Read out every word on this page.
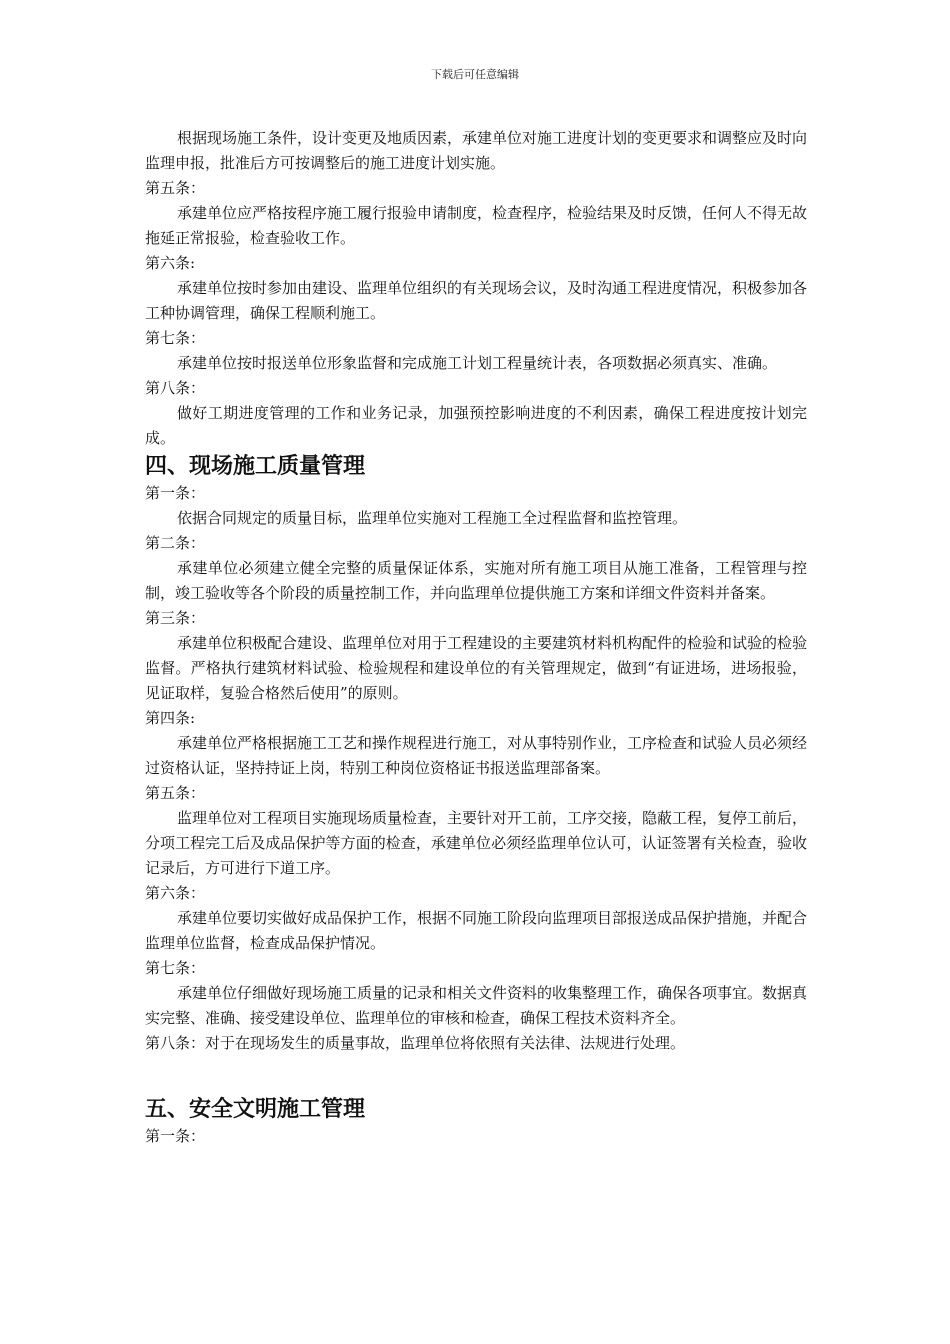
下载后可任意编辑

根据现场施工条件，设计变更及地质因素，承建单位对施工进度计划的变更要求和调整应及时向监理申报，批准后方可按调整后的施工进度计划实施。

第五条：

承建单位应严格按程序施工履行报验申请制度，检查程序，检验结果及时反馈，任何人不得无故拖延正常报验，检查验收工作。

第六条:

承建单位按时参加由建设、监理单位组织的有关现场会议，及时沟通工程进度情况，积极参加各工种协调管理，确保工程顺利施工。

第七条：

承建单位按时报送单位形象监督和完成施工计划工程量统计表，各项数据必须真实、准确。

第八条：

做好工期进度管理的工作和业务记录，加强预控影响进度的不利因素，确保工程进度按计划完成。

四、现场施工质量管理

第一条：

依据合同规定的质量目标，监理单位实施对工程施工全过程监督和监控管理。

第二条：

承建单位必须建立健全完整的质量保证体系，实施对所有施工项目从施工准备，工程管理与控制，竣工验收等各个阶段的质量控制工作，并向监理单位提供施工方案和详细文件资料并备案。

第三条：

承建单位积极配合建设、监理单位对用于工程建设的主要建筑材料机构配件的检验和试验的检验监督。严格执行建筑材料试验、检验规程和建设单位的有关管理规定，做到“有证进场，进场报验，见证取样，复验合格然后使用”的原则。

第四条:

承建单位严格根据施工工艺和操作规程进行施工，对从事特别作业，工序检查和试验人员必须经过资格认证，坚持持证上岗，特别工种岗位资格证书报送监理部备案。

第五条：

监理单位对工程项目实施现场质量检查，主要针对开工前，工序交接，隐蔽工程，复停工前后，分项工程完工后及成品保护等方面的检查，承建单位必须经监理单位认可，认证签署有关检查，验收记录后，方可进行下道工序。

第六条：

承建单位要切实做好成品保护工作，根据不同施工阶段向监理项目部报送成品保护措施，并配合监理单位监督，检查成品保护情况。

第七条：

承建单位仔细做好现场施工质量的记录和相关文件资料的收集整理工作，确保各项事宜。数据真实完整、准确、接受建设单位、监理单位的审核和检查，确保工程技术资料齐全。

第八条：对于在现场发生的质量事故，监理单位将依照有关法律、法规进行处理。

五、安全文明施工管理

第一条：
